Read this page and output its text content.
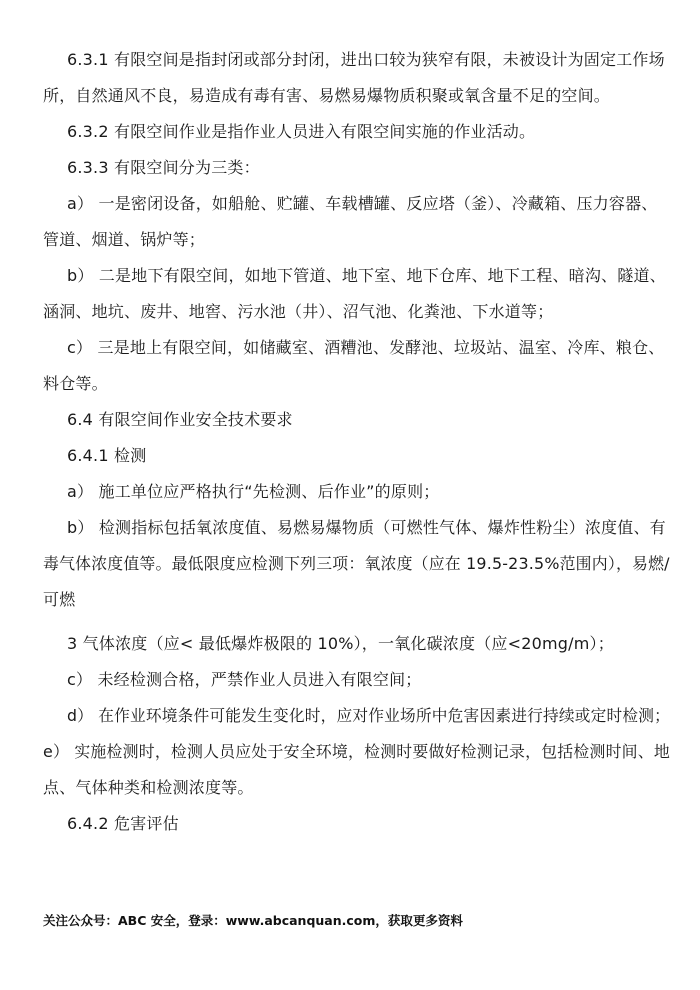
6.3.1 有限空间是指封闭或部分封闭，进出口较为狭窄有限，未被设计为固定工作场
所，自然通风不良，易造成有毒有害、易燃易爆物质积聚或氧含量不足的空间。
6.3.2 有限空间作业是指作业人员进入有限空间实施的作业活动。
6.3.3 有限空间分为三类：
a） 一是密闭设备，如船舱、贮罐、车载槽罐、反应塔（釜）、冷藏箱、压力容器、
管道、烟道、锅炉等；
b） 二是地下有限空间，如地下管道、地下室、地下仓库、地下工程、暗沟、隧道、
涵洞、地坑、废井、地窖、污水池（井）、沼气池、化粪池、下水道等；
c） 三是地上有限空间，如储藏室、酒糟池、发酵池、垃圾站、温室、冷库、粮仓、
料仓等。
6.4 有限空间作业安全技术要求
6.4.1 检测
a） 施工单位应严格执行“先检测、后作业”的原则；
b） 检测指标包括氧浓度值、易燃易爆物质（可燃性气体、爆炸性粉尘）浓度值、有
毒气体浓度值等。最低限度应检测下列三项：氧浓度（应在 19.5-23.5%范围内），易燃/
可燃
3 气体浓度（应< 最低爆炸极限的 10%），一氧化碳浓度（应<20mg/m）；
c） 未经检测合格，严禁作业人员进入有限空间；
d） 在作业环境条件可能发生变化时，应对作业场所中危害因素进行持续或定时检测；
e） 实施检测时，检测人员应处于安全环境，检测时要做好检测记录，包括检测时间、地
点、气体种类和检测浓度等。
6.4.2 危害评估
关注公众号：ABC 安全，登录：www.abcanquan.com，获取更多资料
